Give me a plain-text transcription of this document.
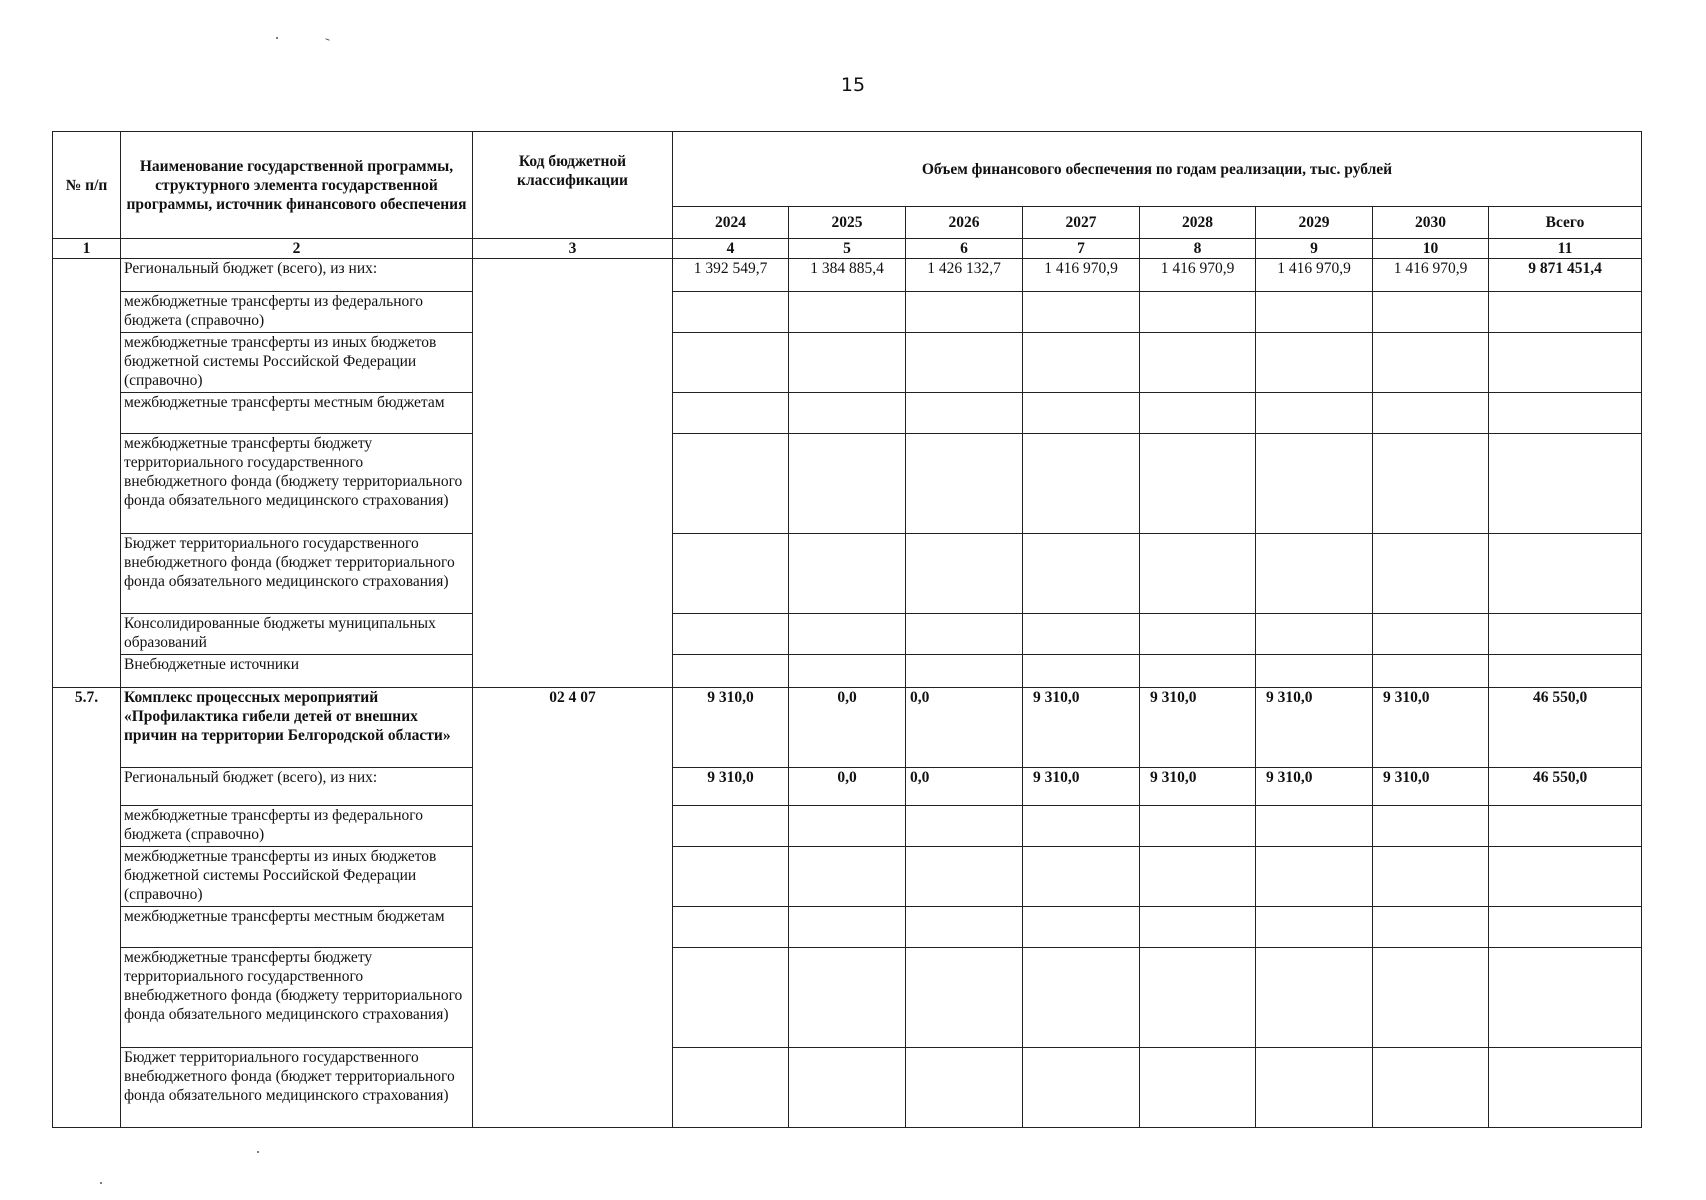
15
№ п/п	Наименование государственной программы, структурного элемента государственной программы, источник финансового обеспечения	Код бюджетной классификации	Объем финансового обеспечения по годам реализации, тыс. рублей							
			2024	2025	2026	2027	2028	2029	2030	Всего
1	2	3	4	5	6	7	8	9	10	11
	Региональный бюджет (всего), из них:		1 392 549,7	1 384 885,4	1 426 132,7	1 416 970,9	1 416 970,9	1 416 970,9	1 416 970,9	9 871 451,4
	межбюджетные трансферты из федерального бюджета (справочно)									
	межбюджетные трансферты из иных бюджетов бюджетной системы Российской Федерации (справочно)									
	межбюджетные трансферты местным бюджетам									
	межбюджетные трансферты бюджету территориального государственного внебюджетного фонда (бюджету территориального фонда обязательного медицинского страхования)									
	Бюджет территориального государственного внебюджетного фонда (бюджет территориального фонда обязательного медицинского страхования)									
	Консолидированные бюджеты муниципальных образований									
	Внебюджетные источники									
5.7.	Комплекс процессных мероприятий «Профилактика гибели детей от внешних причин на территории Белгородской области»	02 4 07	9 310,0	0,0	0,0	9 310,0	9 310,0	9 310,0	9 310,0	46 550,0
	Региональный бюджет (всего), из них:		9 310,0	0,0	0,0	9 310,0	9 310,0	9 310,0	9 310,0	46 550,0
	межбюджетные трансферты из федерального бюджета (справочно)									
	межбюджетные трансферты из иных бюджетов бюджетной системы Российской Федерации (справочно)									
	межбюджетные трансферты местным бюджетам									
	межбюджетные трансферты бюджету территориального государственного внебюджетного фонда (бюджету территориального фонда обязательного медицинского страхования)									
	Бюджет территориального государственного внебюджетного фонда (бюджет территориального фонда обязательного медицинского страхования)									
